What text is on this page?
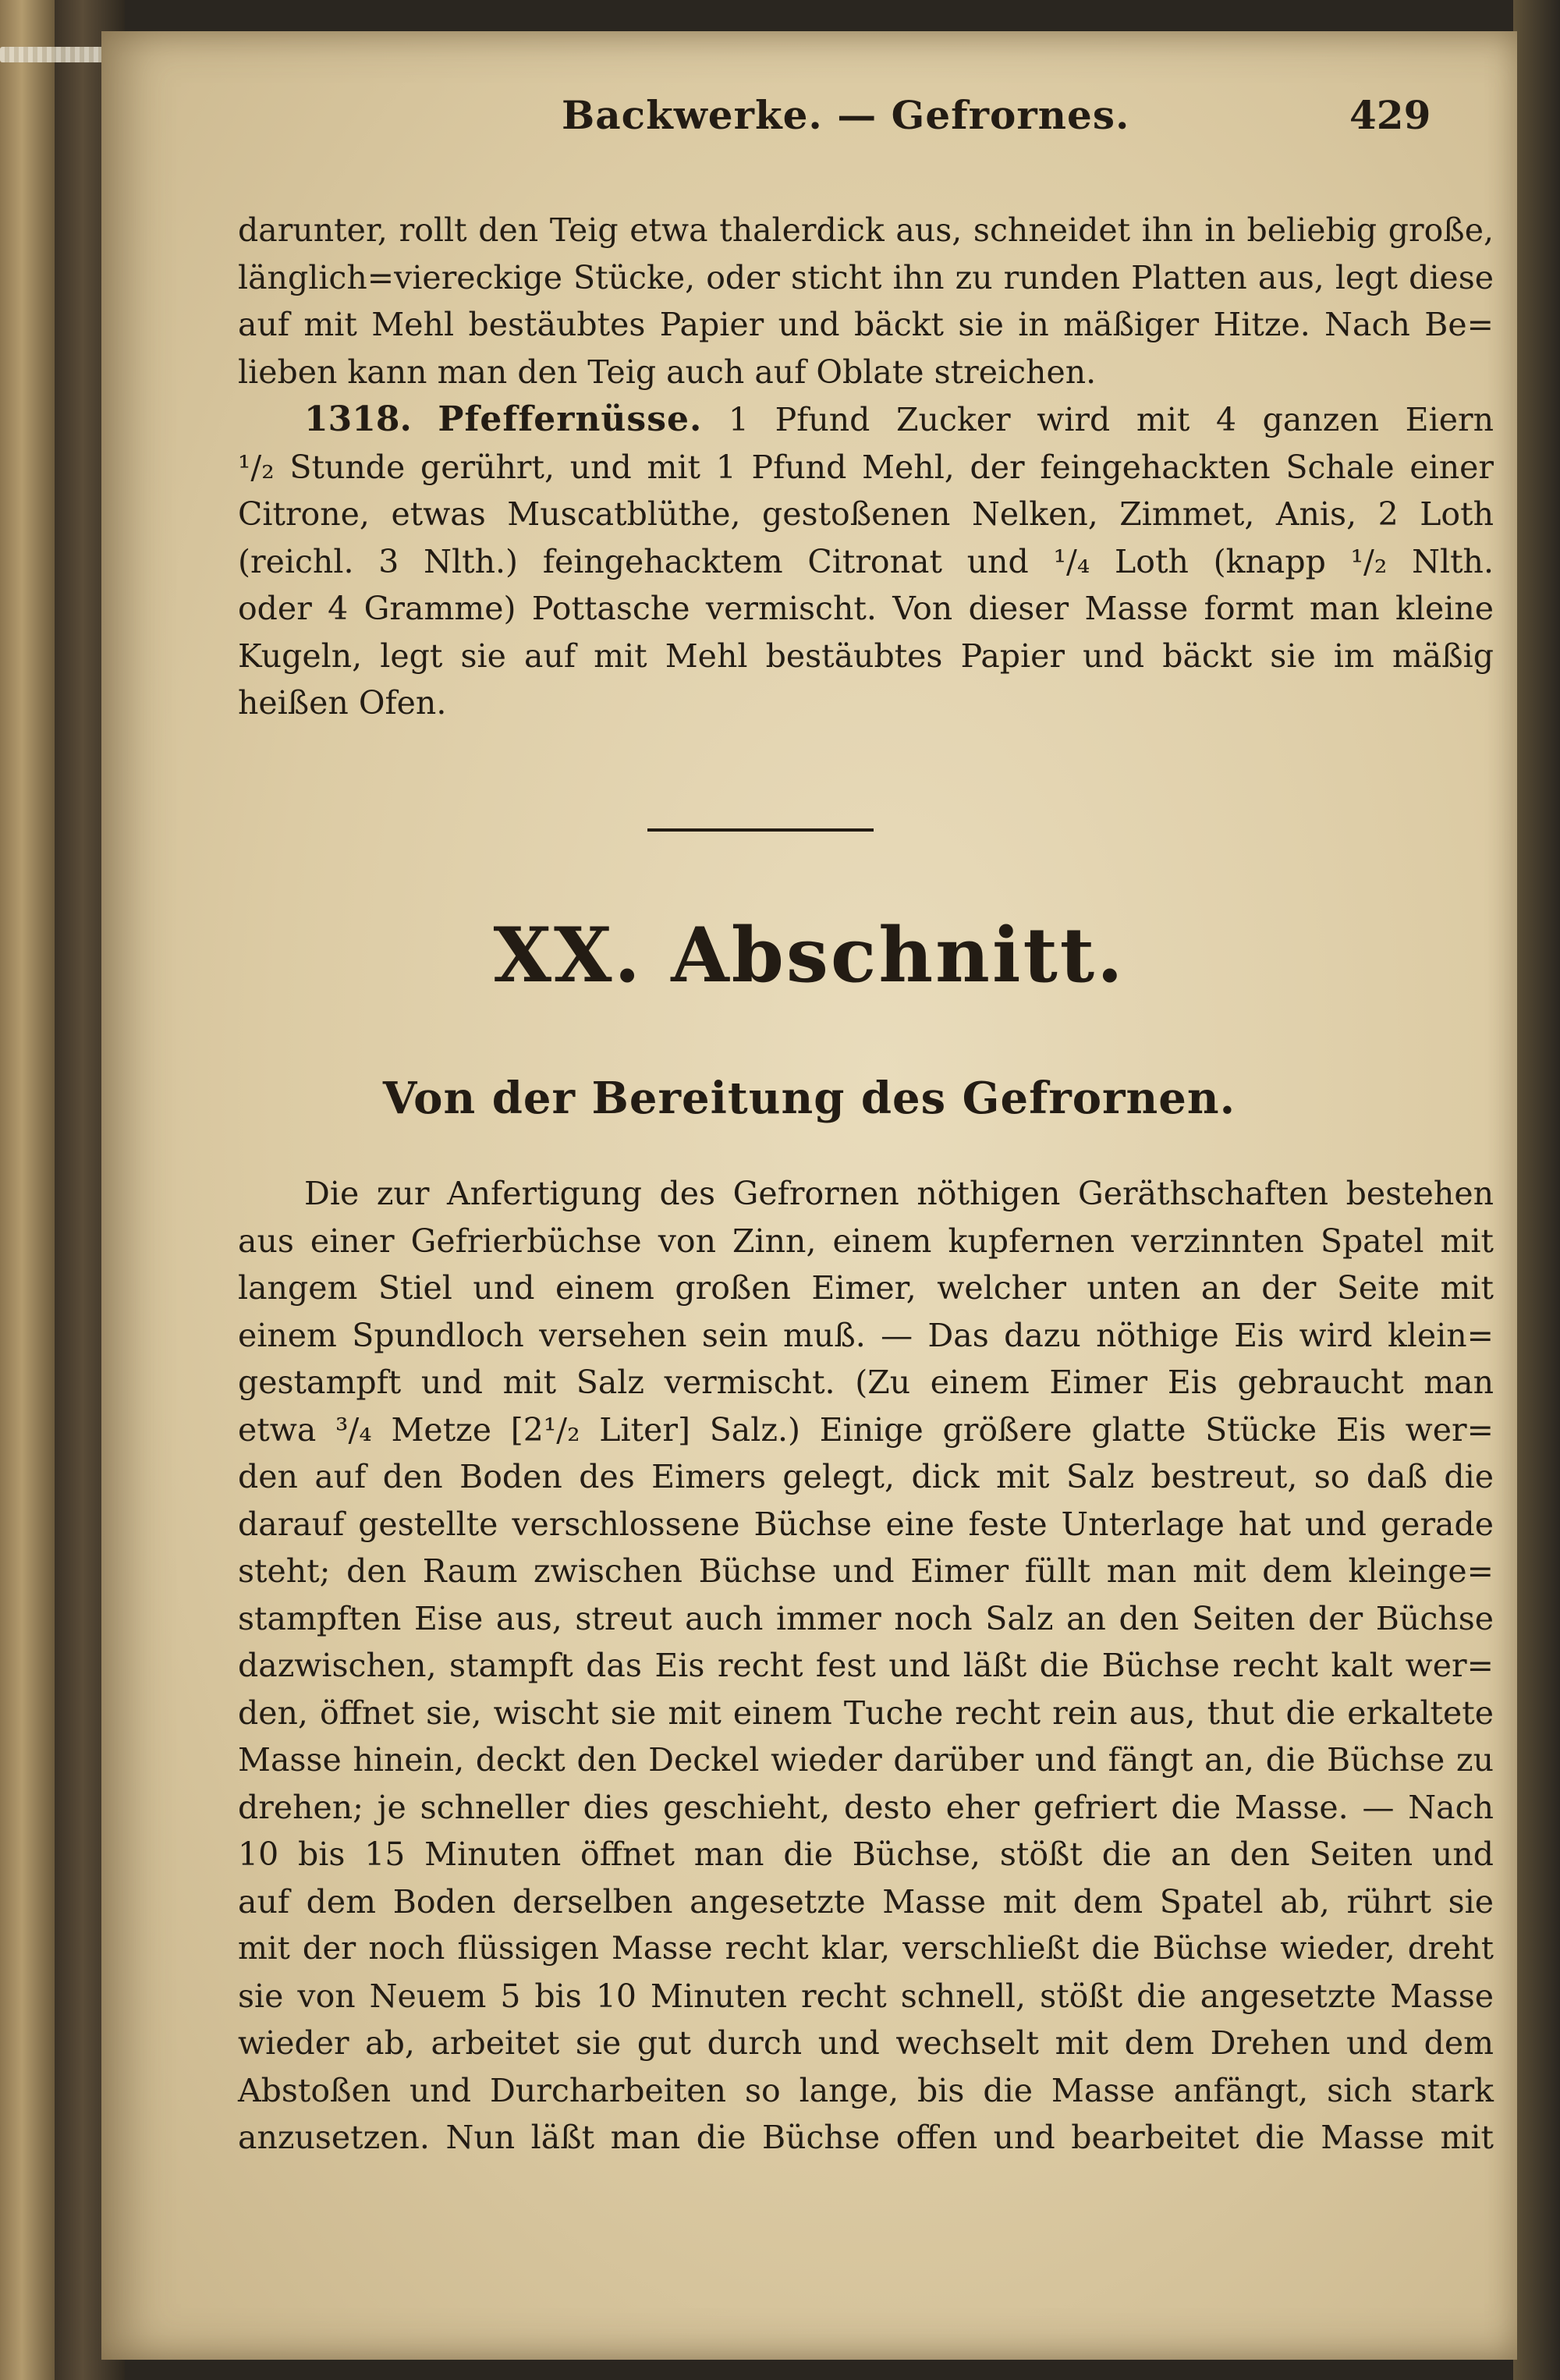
Backwerke. — Gefrornes.	429

darunter, rollt den Teig etwa thalerdick aus, schneidet ihn in beliebig große,

länglich=viereckige Stücke, oder sticht ihn zu runden Platten aus, legt diese

auf mit Mehl bestäubtes Papier und bäckt sie in mäßiger Hitze. Nach Be=

lieben kann man den Teig auch auf Oblate streichen.

1318. Pfeffernüsse. 1 Pfund Zucker wird mit 4 ganzen Eiern

¹/₂ Stunde gerührt, und mit 1 Pfund Mehl, der feingehackten Schale einer

Citrone, etwas Muscatblüthe, gestoßenen Nelken, Zimmet, Anis, 2 Loth

(reichl. 3 Nlth.) feingehacktem Citronat und ¹/₄ Loth (knapp ¹/₂ Nlth.

oder 4 Gramme) Pottasche vermischt. Von dieser Masse formt man kleine

Kugeln, legt sie auf mit Mehl bestäubtes Papier und bäckt sie im mäßig

heißen Ofen.

XX. Abschnitt.
Von der Bereitung des Gefrornen.

Die zur Anfertigung des Gefrornen nöthigen Geräthschaften bestehen

aus einer Gefrierbüchse von Zinn, einem kupfernen verzinnten Spatel mit

langem Stiel und einem großen Eimer, welcher unten an der Seite mit

einem Spundloch versehen sein muß. — Das dazu nöthige Eis wird klein=

gestampft und mit Salz vermischt. (Zu einem Eimer Eis gebraucht man

etwa ³/₄ Metze [2¹/₂ Liter] Salz.) Einige größere glatte Stücke Eis wer=

den auf den Boden des Eimers gelegt, dick mit Salz bestreut, so daß die

darauf gestellte verschlossene Büchse eine feste Unterlage hat und gerade

steht; den Raum zwischen Büchse und Eimer füllt man mit dem kleinge=

stampften Eise aus, streut auch immer noch Salz an den Seiten der Büchse

dazwischen, stampft das Eis recht fest und läßt die Büchse recht kalt wer=

den, öffnet sie, wischt sie mit einem Tuche recht rein aus, thut die erkaltete

Masse hinein, deckt den Deckel wieder darüber und fängt an, die Büchse zu

drehen; je schneller dies geschieht, desto eher gefriert die Masse. — Nach

10 bis 15 Minuten öffnet man die Büchse, stößt die an den Seiten und

auf dem Boden derselben angesetzte Masse mit dem Spatel ab, rührt sie

mit der noch flüssigen Masse recht klar, verschließt die Büchse wieder, dreht

sie von Neuem 5 bis 10 Minuten recht schnell, stößt die angesetzte Masse

wieder ab, arbeitet sie gut durch und wechselt mit dem Drehen und dem

Abstoßen und Durcharbeiten so lange, bis die Masse anfängt, sich stark

anzusetzen. Nun läßt man die Büchse offen und bearbeitet die Masse mit
